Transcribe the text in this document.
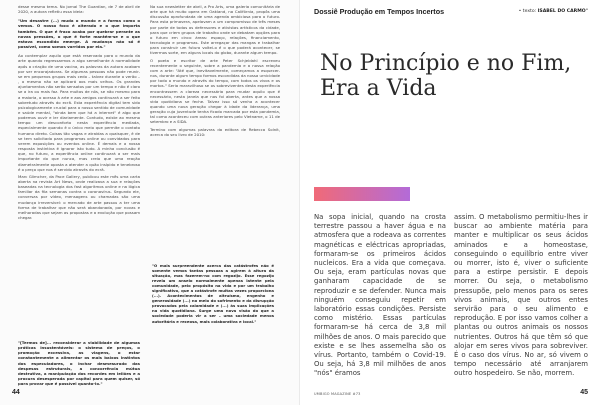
desse mesmo tema. No jornal The Guardian, de 7 de abril de 2020, a autora refletiu essa ideia:

"Um desastre (...) muda o mundo e a forma como o vemos. O nosso foco é alterado e o que importa também. O que é fraco acaba por quebrar perante as novas pressões, o que é forte mantém-se e o que estava escondido emerge. A mudança não só é possível, como somos varridos por ela."

Ao contemplar aquilo que está reservado para o mundo da arte quando regressarmos a algo semelhante à normalidade após a criação de uma vacina, as palavras da autora acabam por ser encorajadoras. Se algumas pessoas não pode reunir-se em pequenos grupos mais cedo – talvez durante o verão – , o mesmo não se aplicará aos mais velhos. Os grandes ajuntamentos não serão sensatos por um tempo e não é claro se a ira ou mais faz. Para muitos de nós, se não mesmo para a maioria, o acesso à arte e aos amigos continuará a ser feito sobretudo através do ecrã. Esta experiência digital tem sido psicologicamente crucial para o nosso sentido de comunidade e saúde mental, "ainda bem que há a internet" é algo que podemos ouvir e ler diariamente. Contudo, existe ao mesmo tempo um desconforto nesta experiência mediada, especialmente quando é o único meio que permite o contato humano direto. Coisas tão vagas e atraídas a quaisquer, é de se tem solicitado para programas online ou convidados para verem exposições ou eventos online. É demais e a nossa resposta instintiva é ignorar isto tudo. A minha conclusão é que, no futuro, a experiência online continuará a ser mais importante do que nunca, mas creio que uma reação diametralmente oposta a atender a quão insípido e tenebroso é o preço que nos é servido através do ecrã.

Marc Glimcher, da Pace Gallery, publicou este mês uma carta aberta na revista Art News, onde realizava a sua e relações baseadas na tecnologia dos fast algoritmos online e na lógica familiar da fila semanas contra o coronavírus. Segundo ele, conversas por vídeo, mensagens ou chamadas são uma mudança irreversível: o mercado de arte passou a ter uma forma de trabalhar que não será abandonada, por novas e melhoradas que sejam as propostas e a evolução que possam chegar.

"[Termos de]... reconsiderar a viabilidade de algumas práticas insustentáveis: o sistema de preços, o promoção excessiva, as viagens, o estar constantemente a alimentar os mais baixos instintos dos especuladores, o inchar desmesurado das despesas estruturais, a concorrência mútua destrutiva, a manipulação dos recordes em leilões e a procura desesperada por capital para quem quiser, só para provar que é possível quanto-lo."

Na sua newsletter de abril, a Pro Arts, uma galeria comunitária de arte que há muito opera em Oakland, na Califórnia, propôs uma discussão aprofundada de uma agenda ambiciosa para o futuro. Para esta primavera, apelavam a um compromisso de três meses por parte de todos os defensores e ativistas artísticos da cidade, para que criem grupos de trabalho onde se debatam opções para o futuro em cinco áreas: espaço, relações, financiamento, tecnologia e programas. Este arregaçar das mangas e trabalhar para construir um futuro voltei-o é o que poderá acontecer, se tivermos sorte, em alguns locais do globo, durante algum tempo.

O poeta e escritor de arte Peter Schjeldahl escreveu recentemente o seguinte, sobre a pandemia e a nossa relação com a arte: "Até que, inevitavelmente, começamos a esquecer-nos, durante algum tempo formos escondidas da nossa urnicidade por todo o mundo e através do tempo, com todos os vivos e os mortos." Seria maravilhoso se os sobreviventes desta experiência encontrassem a clareza necessária para mudar aquilo que é necessário, nesta janela que nos foi aberta, antes que a nossa vida quotidiana se feche. Talvez isso só venha a acontecer quando uma nova geração chegar à idade da liderança, uma geração cuja juventude tenha ficado marcada por esta pandemia, tal como aconteceu com outras anteriores pelo Vietname, o 11 de setembro e a SIDA.

Termino com algumas palavras da editora de Rebecca Solnit, acerca do seu livro de 2010:

"O mais surpreendente acerca das catástrofes não é somente vemos tantas pessoas a agirem à altura da situação, mas fazerem-no com regozijo. Esse regozijo revela um anseio normalmente apenas latente pela comunidade, pelo propósito na vida e por um trabalho significativo, que a catástrofe muitas vezes proporciona (...). Acontecimentos de altruísmo, engenho e generosidade (...) no meio do sofrimento e da disrupção provocados pela calamidade e (...) às suas implicações na vida quotidiana. Surge uma nova visão do que a sociedade poderia vir a ser – uma sociedade menos autoritária e receosa, mais colaborativa e local."
44
Dossiê Produção em Tempos Incertos	• texto: ISABEL DO CARMO°
No Princípio e no Fim, Era a Vida
Na sopa inicial, quando na crosta terrestre passou a haver água e na atmosfera que a rodeava as correntes magnéticas e eléctricas apropriadas, formaram-se os primeiros ácidos nucleicos. Era a vida que começava. Ou seja, eram partículas novas que ganharam capacidade de se reproduzir e se defender. Nunca mais ninguém conseguiu repetir em laboratório essas condições. Persiste como mistério. Essas partículas formaram-se há cerca de 3,8 mil milhões de anos. O mais parecido que existe e se lhes assemelha são os vírus. Portanto, também o Covid-19. Ou seja, há 3,8 mil milhões de anos "nós" éramos
assim. O metabolismo permitiu-lhes ir buscar ao ambiente matéria para manter e multiplicar os seus ácidos aminados e a homeostase, conseguindo o equilíbrio entre viver ou morrer, isto é, viver o suficiente para a estirpe persistir. E depois morrer. Ou seja, o metabolismo pressupõe, pelo menos para os seres vivos animais, que outros entes servirão para o seu alimento e reprodução. E por isso vamos colher a plantas ou outros animais os nossos nutrientes. Outros há que têm só que alojar em seres vivos para sobreviver. É o caso dos vírus. No ar, só vivem o tempo necessário até arranjarem outro hospedeiro. Se não, morrem.
UMBIGO MAGAZINE #73	45
